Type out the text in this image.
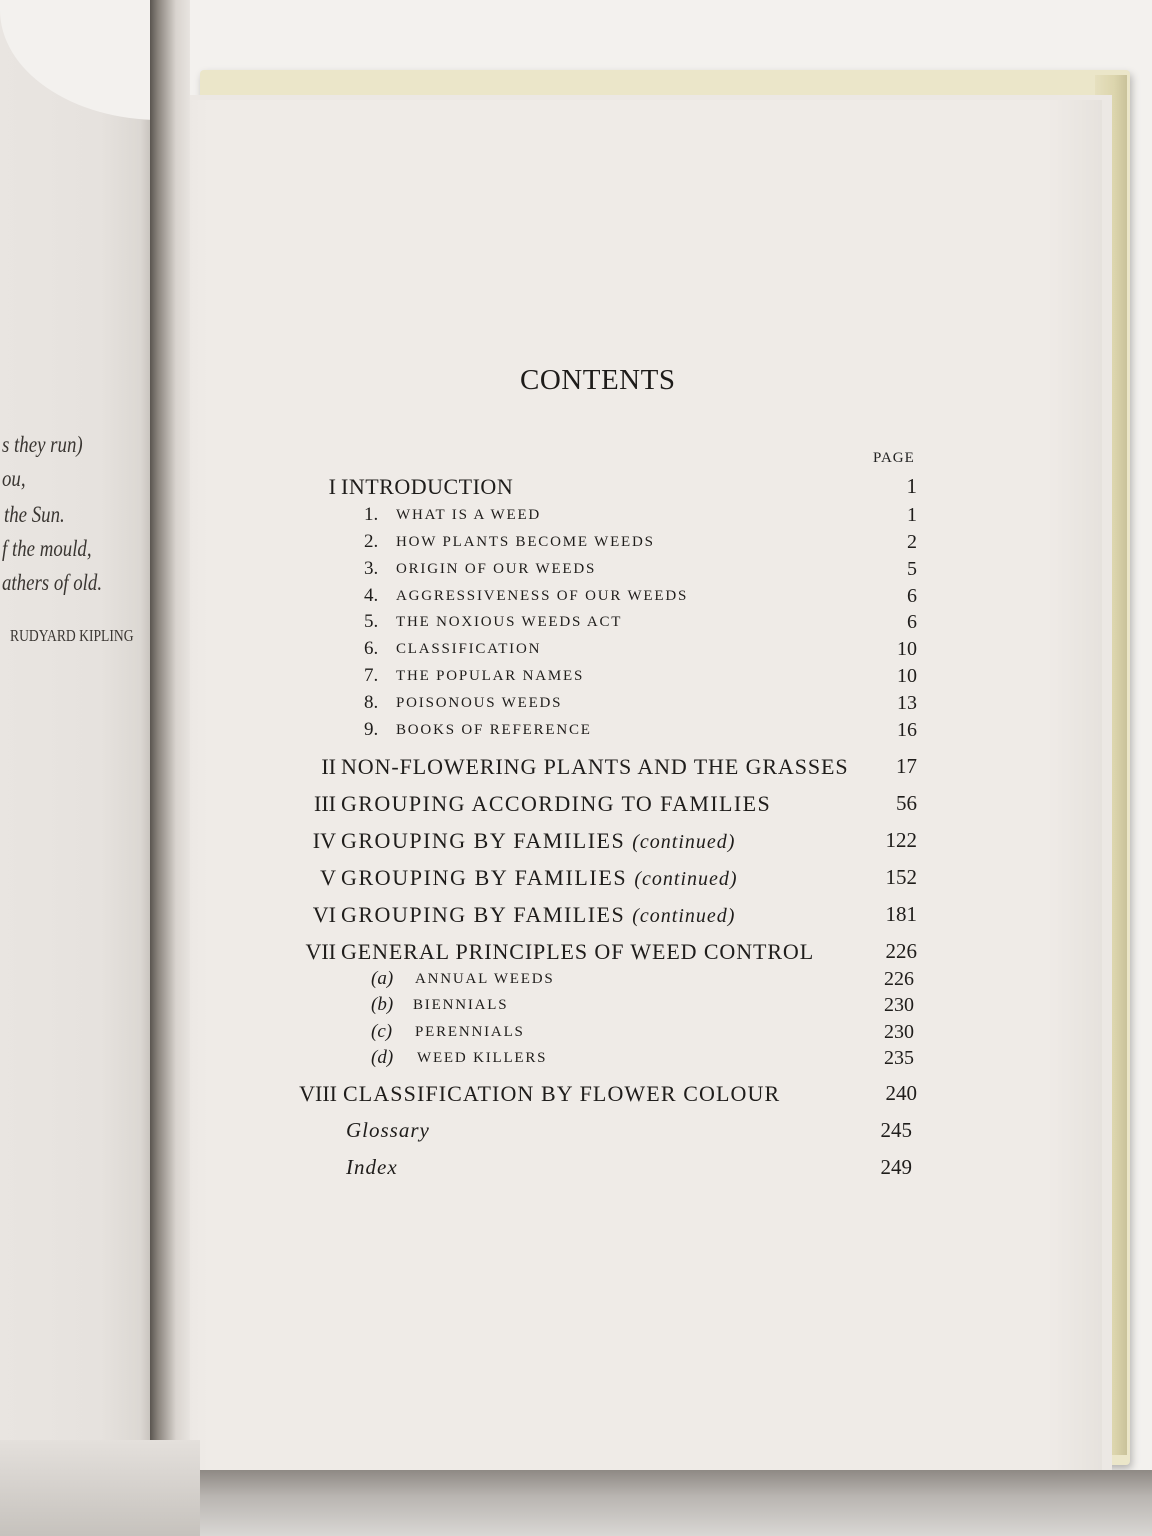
s they run)
ou,
the Sun.
f the mould,
athers of old.
RUDYARD KIPLING
CONTENTS
PAGE
I INTRODUCTION	1
1. WHAT IS A WEED	1
2. HOW PLANTS BECOME WEEDS	2
3. ORIGIN OF OUR WEEDS	5
4. AGGRESSIVENESS OF OUR WEEDS	6
5. THE NOXIOUS WEEDS ACT	6
6. CLASSIFICATION	10
7. THE POPULAR NAMES	10
8. POISONOUS WEEDS	13
9. BOOKS OF REFERENCE	16
II NON-FLOWERING PLANTS AND THE GRASSES 17
III GROUPING ACCORDING TO FAMILIES	56
IV GROUPING BY FAMILIES (continued)	122
V GROUPING BY FAMILIES (continued)	152
VI GROUPING BY FAMILIES (continued)	181
VII GENERAL PRINCIPLES OF WEED CONTROL	226
(a) ANNUAL WEEDS	226
(b) BIENNIALS	230
(c) PERENNIALS	230
(d) WEED KILLERS	235
VIII CLASSIFICATION BY FLOWER COLOUR	240
Glossary	245
Index	249
